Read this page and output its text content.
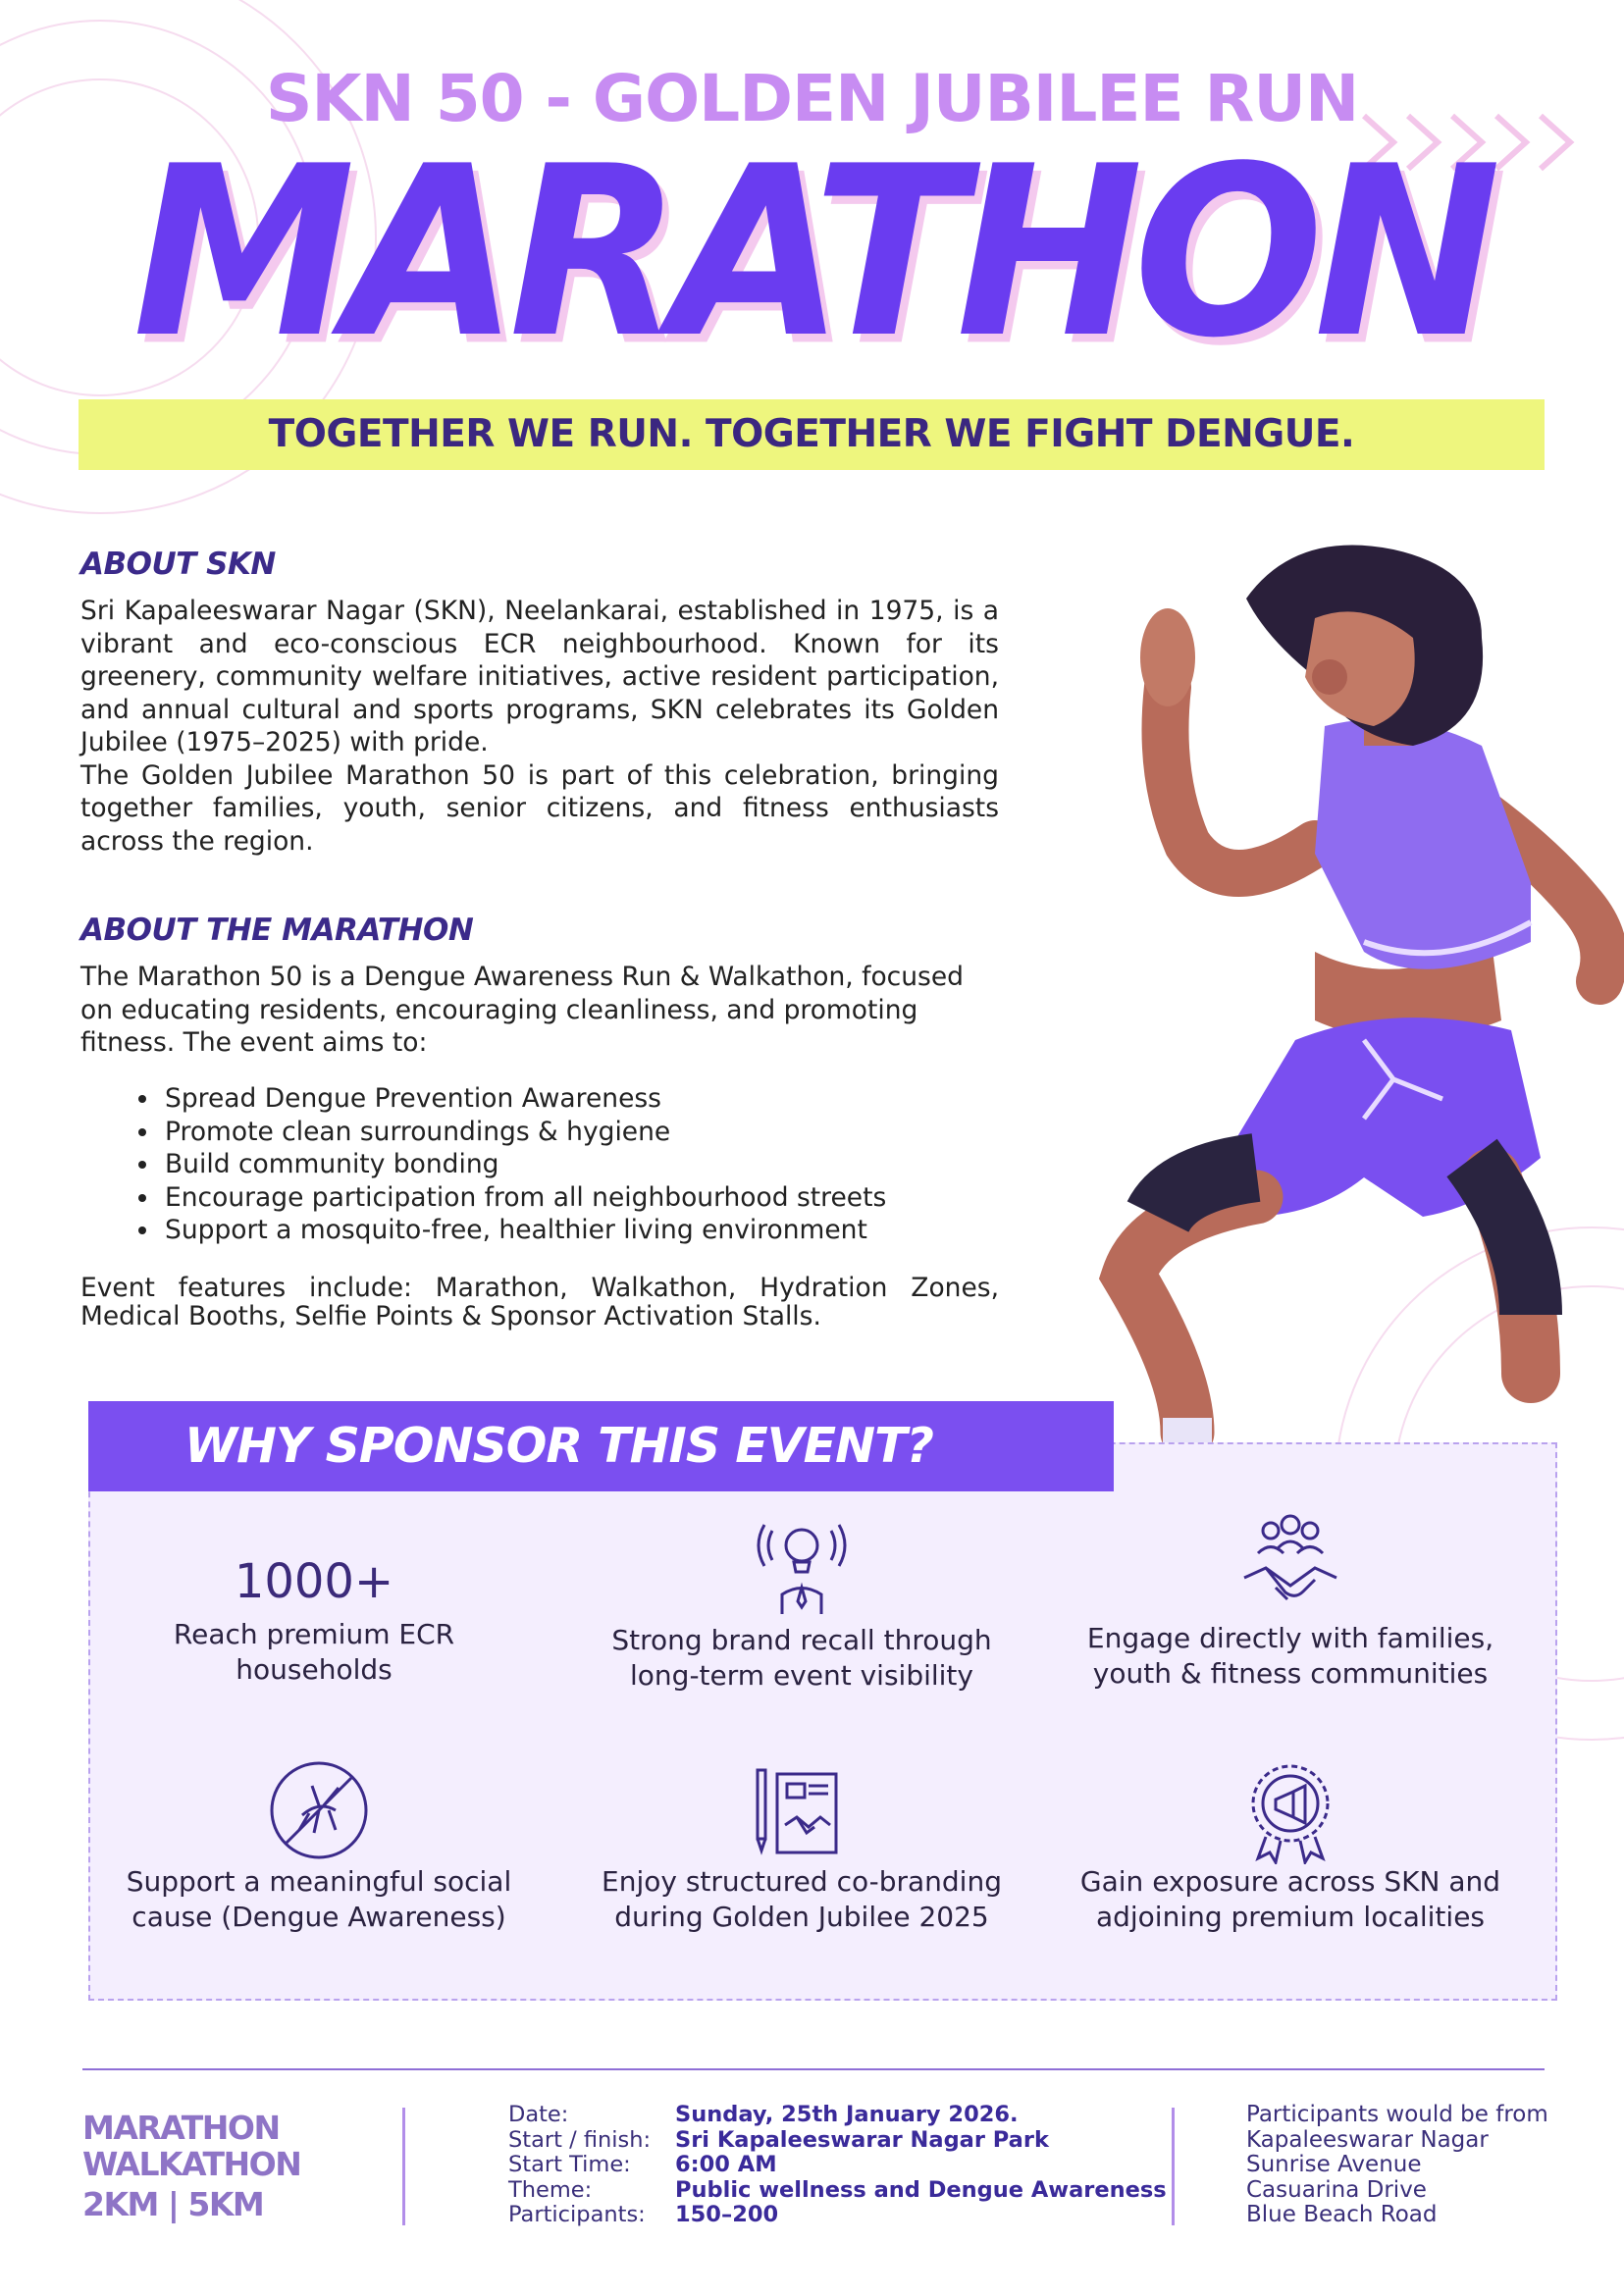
SKN 50 - GOLDEN JUBILEE RUN
MARATHON
TOGETHER WE RUN. TOGETHER WE FIGHT DENGUE.
ABOUT SKN
Sri Kapaleeswarar Nagar (SKN), Neelankarai, established in 1975, is a vibrant and eco-conscious ECR neighbourhood. Known for its greenery, community welfare initiatives, active resident participation, and annual cultural and sports programs, SKN celebrates its Golden Jubilee (1975–2025) with pride.
The Golden Jubilee Marathon 50 is part of this celebration, bringing together families, youth, senior citizens, and fitness enthusiasts across the region.
ABOUT THE MARATHON
The Marathon 50 is a Dengue Awareness Run & Walkathon, focused on educating residents, encouraging cleanliness, and promoting fitness. The event aims to:
• Spread Dengue Prevention Awareness
• Promote clean surroundings & hygiene
• Build community bonding
• Encourage participation from all neighbourhood streets
• Support a mosquito-free, healthier living environment
Event features include: Marathon, Walkathon, Hydration Zones, Medical Booths, Selfie Points & Sponsor Activation Stalls.
WHY SPONSOR THIS EVENT?
1000+
Reach premium ECR
households
Strong brand recall through
long-term event visibility
Engage directly with families,
youth & fitness communities
Support a meaningful social
cause (Dengue Awareness)
Enjoy structured co-branding
during Golden Jubilee 2025
Gain exposure across SKN and
adjoining premium localities
MARATHON
WALKATHON
2KM | 5KM
Date:
Start / finish:
Start Time:
Theme:
Participants:
Sunday, 25th January 2026.
Sri Kapaleeswarar Nagar Park
6:00 AM
Public wellness and Dengue Awareness
150–200
Participants would be from
Kapaleeswarar Nagar
Sunrise Avenue
Casuarina Drive
Blue Beach Road
